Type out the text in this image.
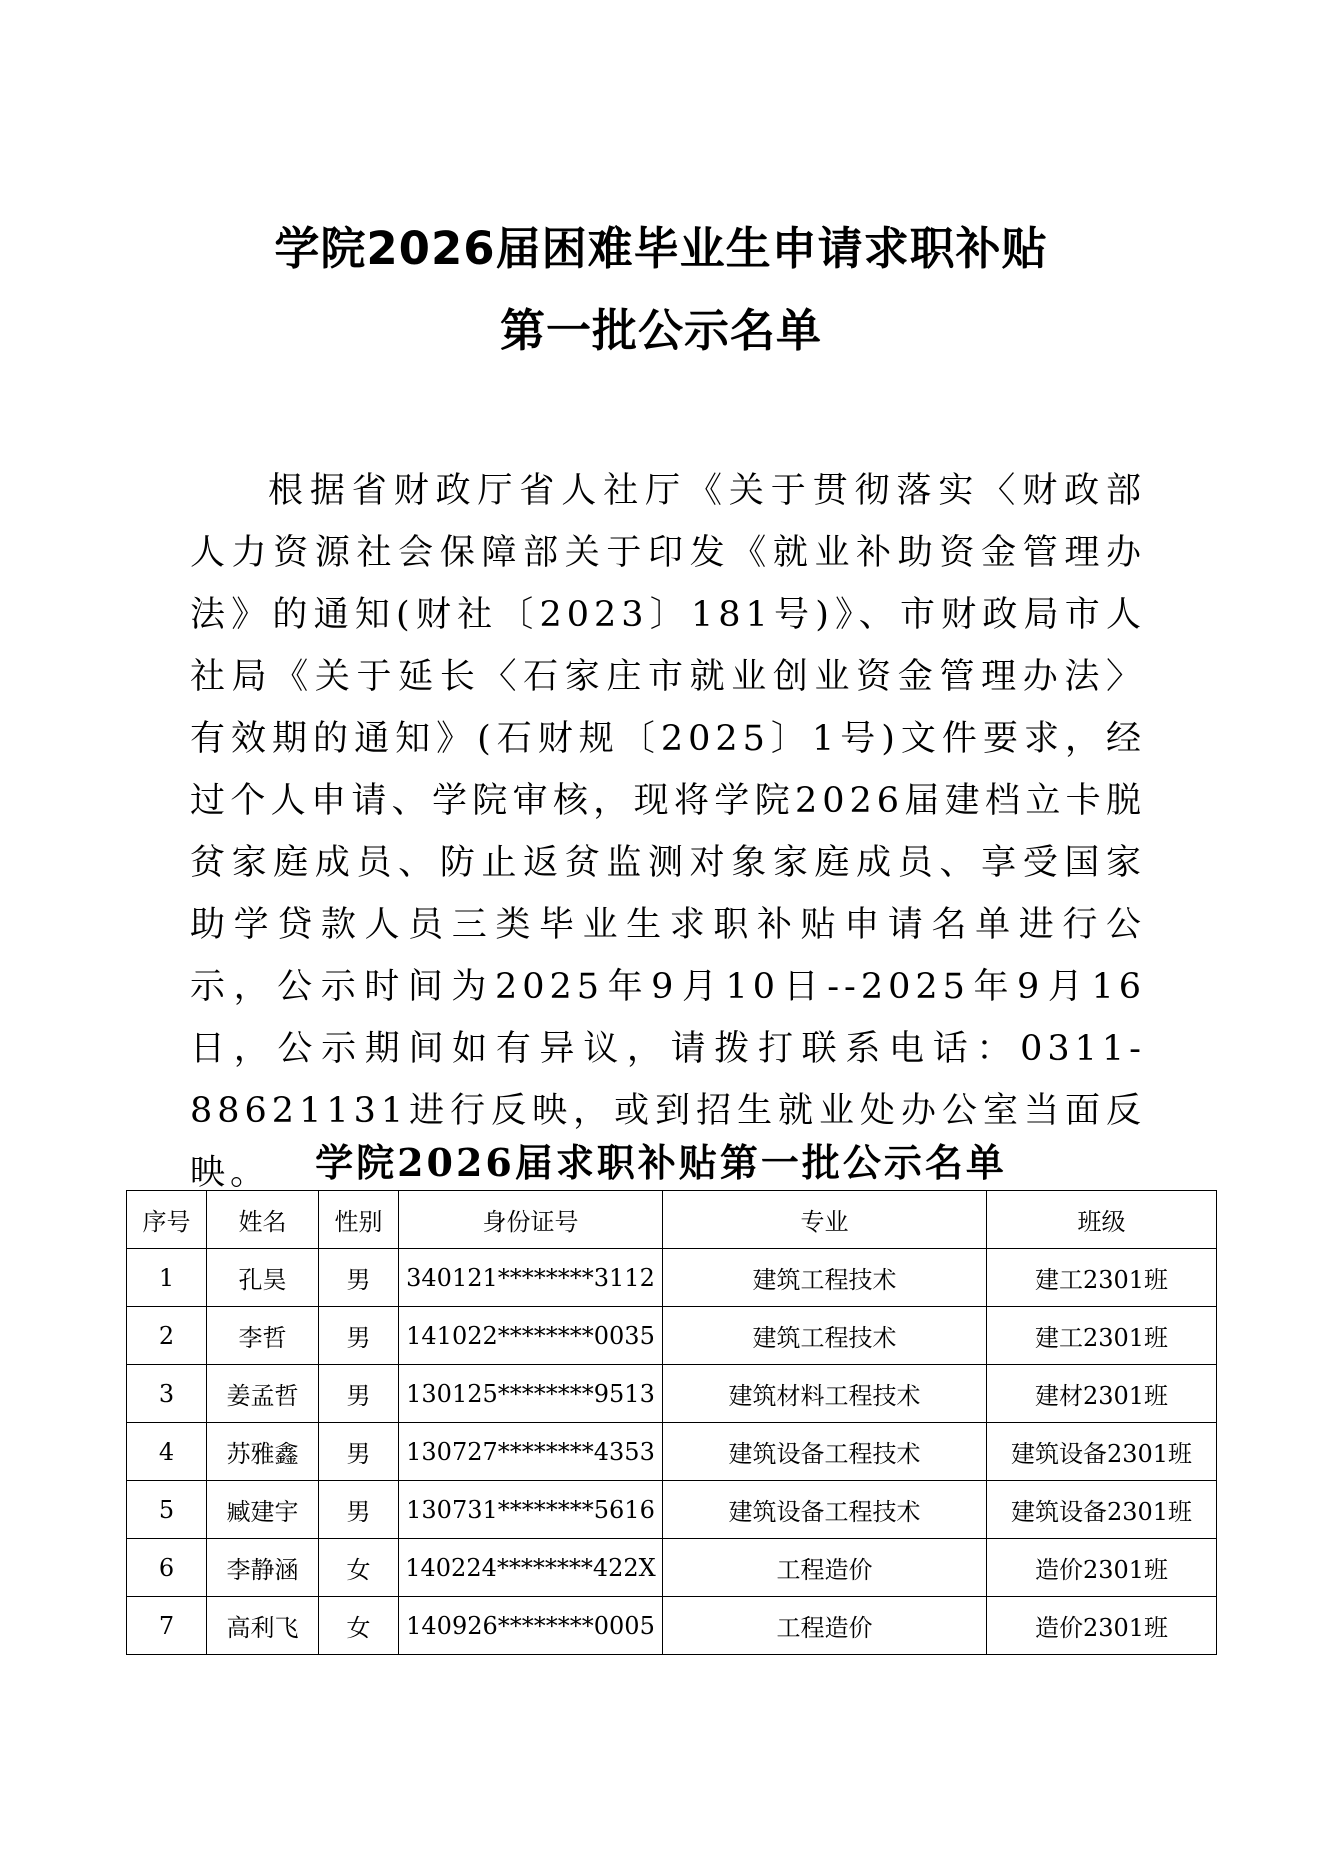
学院2026届困难毕业生申请求职补贴
第一批公示名单

根据省财政厅省人社厅《关于贯彻落实〈财政部人力资源社会保障部关于印发《就业补助资金管理办法》的通知(财社〔2023〕181号)》、市财政局市人社局《关于延长〈石家庄市就业创业资金管理办法〉有效期的通知》(石财规〔2025〕1号)文件要求，经过个人申请、学院审核，现将学院2026届建档立卡脱贫家庭成员、防止返贫监测对象家庭成员、享受国家助学贷款人员三类毕业生求职补贴申请名单进行公示，公示时间为2025年9月10日--2025年9月16日，公示期间如有异议，请拨打联系电话：0311-88621131进行反映，或到招生就业处办公室当面反映。	学院2026届求职补贴第一批公示名单
序号	姓名	性别	身份证号	专业	班级
1	孔昊	男	340121********3112	建筑工程技术	建工2301班
2	李哲	男	141022********0035	建筑工程技术	建工2301班
3	姜孟哲	男	130125********9513	建筑材料工程技术	建材2301班
4	苏雅鑫	男	130727********4353	建筑设备工程技术	建筑设备2301班
5	臧建宇	男	130731********5616	建筑设备工程技术	建筑设备2301班
6	李静涵	女	140224********422X	工程造价	造价2301班
7	高利飞	女	140926********0005	工程造价	造价2301班
